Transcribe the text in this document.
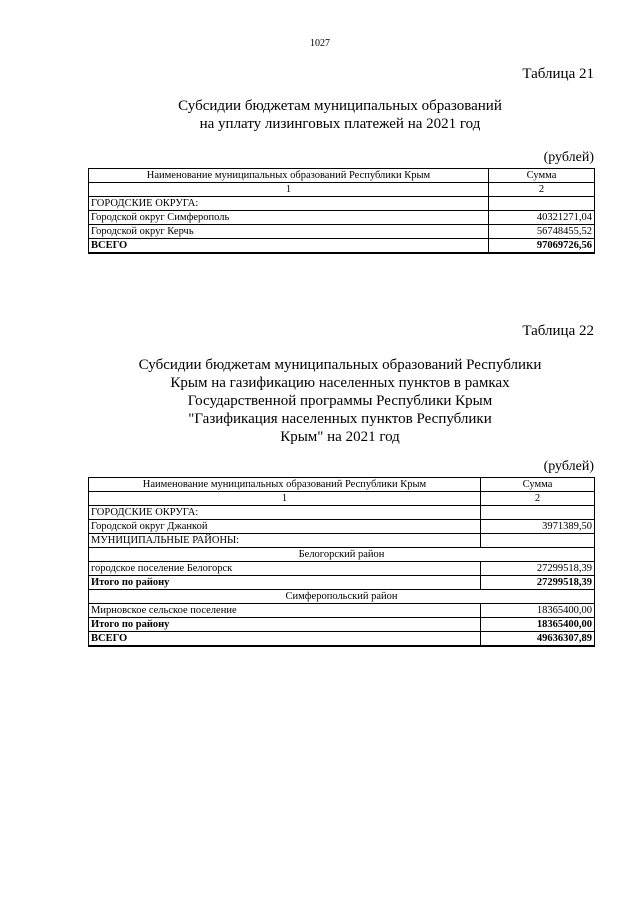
1027
Таблица 21
Субсидии бюджетам муниципальных образований
на уплату лизинговых платежей на 2021 год
(рублей)
Наименование муниципальных образований Республики Крым	Сумма
1	2
ГОРОДСКИЕ ОКРУГА:	
Городской округ Симферополь	40321271,04
Городской округ Керчь	56748455,52
ВСЕГО	97069726,56
Таблица 22
Субсидии бюджетам муниципальных образований Республики
Крым на газификацию населенных пунктов в рамках
Государственной программы Республики Крым
"Газификация населенных пунктов Республики
Крым" на 2021 год
(рублей)
Наименование муниципальных образований Республики Крым	Сумма
1	2
ГОРОДСКИЕ ОКРУГА:	
Городской округ Джанкой	3971389,50
МУНИЦИПАЛЬНЫЕ РАЙОНЫ:	
Белогорский район	
городское поселение Белогорск	27299518,39
Итого по району	27299518,39
Симферопольский район	
Мирновское сельское поселение	18365400,00
Итого по району	18365400,00
ВСЕГО	49636307,89
